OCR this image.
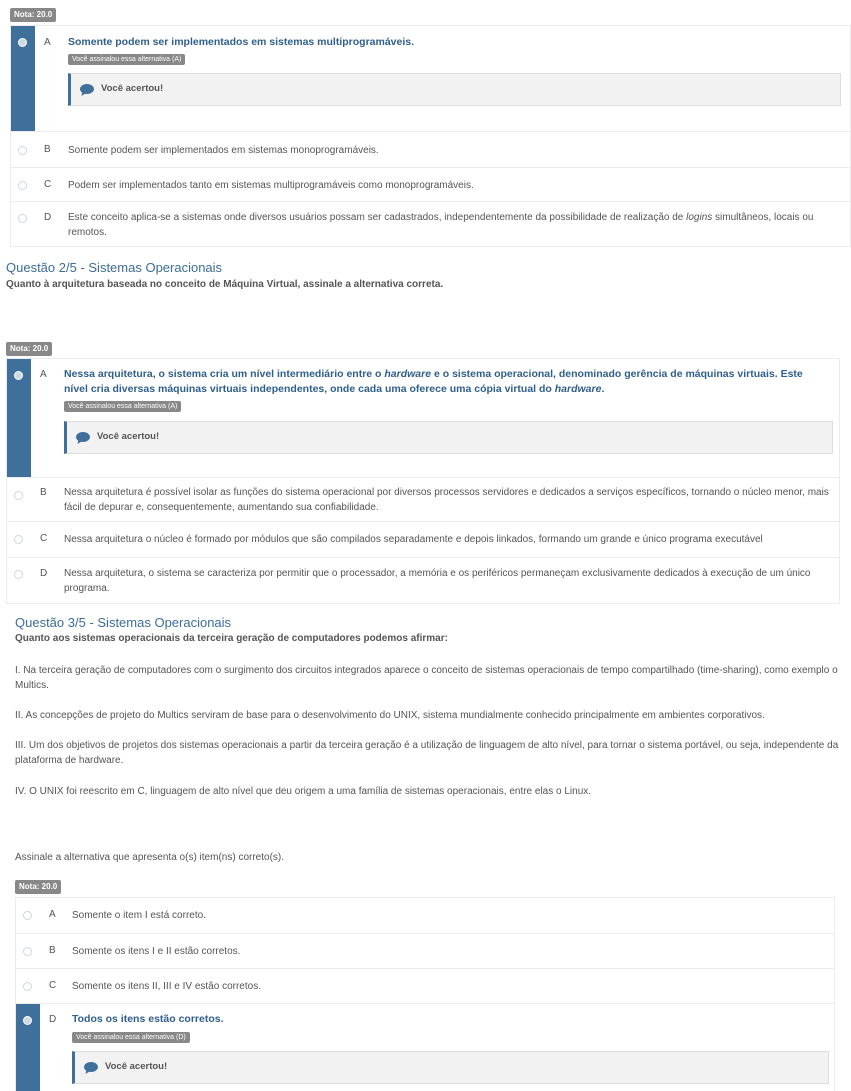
Nota: 20.0
A Somente podem ser implementados em sistemas multiprogramáveis.
Você assinalou essa alternativa (A)
Você acertou!
B Somente podem ser implementados em sistemas monoprogramáveis.
C Podem ser implementados tanto em sistemas multiprogramáveis como monoprogramáveis.
D Este conceito aplica-se a sistemas onde diversos usuários possam ser cadastrados, independentemente da possibilidade de realização de logins simultâneos, locais ou remotos.
Questão 2/5 - Sistemas Operacionais
Quanto à arquitetura baseada no conceito de Máquina Virtual, assinale a alternativa correta.
Nota: 20.0
A Nessa arquitetura, o sistema cria um nível intermediário entre o hardware e o sistema operacional, denominado gerência de máquinas virtuais. Este nível cria diversas máquinas virtuais independentes, onde cada uma oferece uma cópia virtual do hardware.
Você assinalou essa alternativa (A)
Você acertou!
B Nessa arquitetura é possível isolar as funções do sistema operacional por diversos processos servidores e dedicados a serviços específicos, tornando o núcleo menor, mais fácil de depurar e, consequentemente, aumentando sua confiabilidade.
C Nessa arquitetura o núcleo é formado por módulos que são compilados separadamente e depois linkados, formando um grande e único programa executável
D Nessa arquitetura, o sistema se caracteriza por permitir que o processador, a memória e os periféricos permaneçam exclusivamente dedicados à execução de um único programa.
Questão 3/5 - Sistemas Operacionais
Quanto aos sistemas operacionais da terceira geração de computadores podemos afirmar:
I. Na terceira geração de computadores com o surgimento dos circuitos integrados aparece o conceito de sistemas operacionais de tempo compartilhado (time-sharing), como exemplo o Multics.
II. As concepções de projeto do Multics serviram de base para o desenvolvimento do UNIX, sistema mundialmente conhecido principalmente em ambientes corporativos.
III. Um dos objetivos de projetos dos sistemas operacionais a partir da terceira geração é a utilização de linguagem de alto nível, para tornar o sistema portável, ou seja, independente da plataforma de hardware.
IV. O UNIX foi reescrito em C, linguagem de alto nível que deu origem a uma família de sistemas operacionais, entre elas o Linux.
Assinale a alternativa que apresenta o(s) item(ns) correto(s).
Nota: 20.0
A Somente o item I está correto.
B Somente os itens I e II estão corretos.
C Somente os itens II, III e IV estão corretos.
D Todos os itens estão corretos.
Você assinalou essa alternativa (D)
Você acertou!
